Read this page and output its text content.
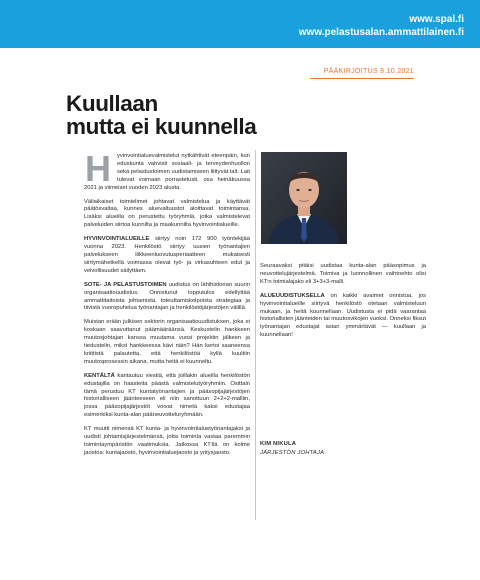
www.spal.fi
www.pelastusalan.ammattilainen.fi
PÄÄKIRJOITUS 8.10.2021
Kuullaan
mutta ei kuunnella

H yvinvointialuevalmistelut nytkähtivät eteenpäin, kun eduskunta vahvisti sosiaali- ja terveydenhuollon sekä pelastustoimen uudistamiseen liittyvät lait. Lait tulevat voimaan porrastetusti, osa heinäkuussa 2021 ja viimeiset vuoden 2023 alusta.

Väliaikaiset toimielimet johtavat valmistelua ja käyttävät päätösvaltaa, kunnes aluevaltuustot aloittavat toimintansa. Lisäksi alueilla on perustettu työryhmiä, jotka valmistelevat palveluiden siirtoa kunnilta ja maakunnilta hyvinvointialueille.

HYVINVOINTIALUEILLE siirtyy noin 172 900 työntekijää vuonna 2023. Henkilöstö siirtyy uusien työnantajien palvelukseen liikkeenluovutusperiaatteen mukaisesti siirtymähetkellä voimassa olevat työ- ja virkasuhteen edut ja velvollisuudet säilyttäen.

SOTE- JA PELASTUSTOIMEN uudistus on lähihistorian suurin organisaatiouudistus. Onnistunut lopputulos edellyttää ammattitaitoista johtamista, toteuttamiskelpoista strategiaa ja tiivistä vuoropuhelua työnantajan ja henkilöstöjärjestöjen välillä.

Muistan erään julkisen sektorin organisaatiouudistuksen, joka ei koskaan saavuttanut päämääräänsä. Keskustelin hankkeen muutosjohtajan kanssa muutama vuosi projektin jälkeen ja tiedustelin, miksi hankkeessa kävi näin? Hän kertoi saaneensa kriittistä palautetta, että henkilöstöä kyllä kuultiin muutosprosessin aikana, mutta heitä ei kuunneltu.

KENTÄLTÄ kantautuu viestiä, että joillakin alueilla henkilöstön edustajilla on haasteita päästä valmistelutyöryhmiin. Osittain tämä perustuu KT kuntatyönantajien ja pääsopijajärjestöjen historialliseen jäänteeseen eli niin sanottuun 2+2+2-malliin, jossa pääsopijajärjestöt voivat nimetä kaksi edustajaa esimerkiksi kunta-alan pääneuvotteluryhmään.

KT muutti nimensä KT kunta- ja hyvinvointialuetyönantajaksi ja uudisti johtamisjärjestelmänsä, jotta toiminta vastaa paremmin toimintaympäristön vaatimuksia. Jatkossa KT:llä on kolme jaostoa: kuntajaosto, hyvinvointialuejaosto ja yritysjaosto.

Seuraavaksi pitäisi uudistaa kunta-alan pääsopimus ja neuvottelujärjestelmä. Toimiva ja luonnollinen vaihtoehto olisi KT:n toimialajako eli 3+3+3-malli.

ALUEUUDISTUKSELLA on kaikki avaimet onnistua, jos hyvinvointialueille siirtyvä henkilöstö otetaan valmisteluun mukaan, ja heitä kuunnellaan. Uudistusta ei pidä vaarantaa historiallisten jäänteiden tai muutosvikojen vuoksi. Onneksi fiksut työnantajan edustajat asian ymmärtävät — kuullaan ja kuunnellaan!

KIM NIKULA
JÄRJESTÖN JOHTAJA
